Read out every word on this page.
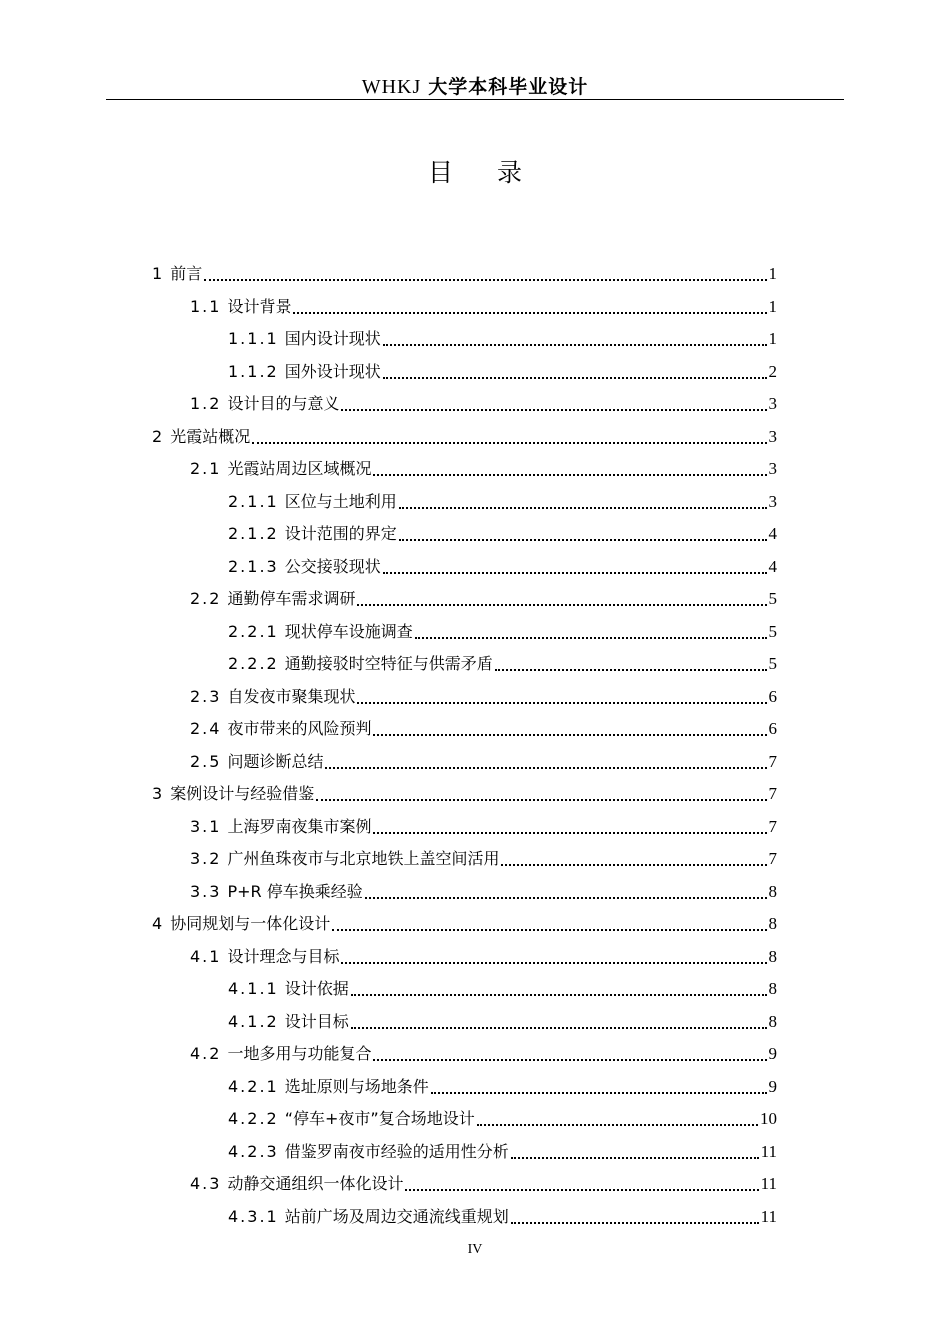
WHKJ 大学本科毕业设计
目 录
1 前言	1
1.1 设计背景	1
1.1.1 国内设计现状	1
1.1.2 国外设计现状	2
1.2 设计目的与意义	3
2 光霞站概况	3
2.1 光霞站周边区域概况	3
2.1.1 区位与土地利用	3
2.1.2 设计范围的界定	4
2.1.3 公交接驳现状	4
2.2 通勤停车需求调研	5
2.2.1 现状停车设施调查	5
2.2.2 通勤接驳时空特征与供需矛盾	5
2.3 自发夜市聚集现状	6
2.4 夜市带来的风险预判	6
2.5 问题诊断总结	7
3 案例设计与经验借鉴	7
3.1 上海罗南夜集市案例	7
3.2 广州鱼珠夜市与北京地铁上盖空间活用	7
3.3 P+R 停车换乘经验	8
4 协同规划与一体化设计	8
4.1 设计理念与目标	8
4.1.1 设计依据	8
4.1.2 设计目标	8
4.2 一地多用与功能复合	9
4.2.1 选址原则与场地条件	9
4.2.2 “停车+夜市”复合场地设计	10
4.2.3 借鉴罗南夜市经验的适用性分析	11
4.3 动静交通组织一体化设计	11
4.3.1 站前广场及周边交通流线重规划	11
IV
